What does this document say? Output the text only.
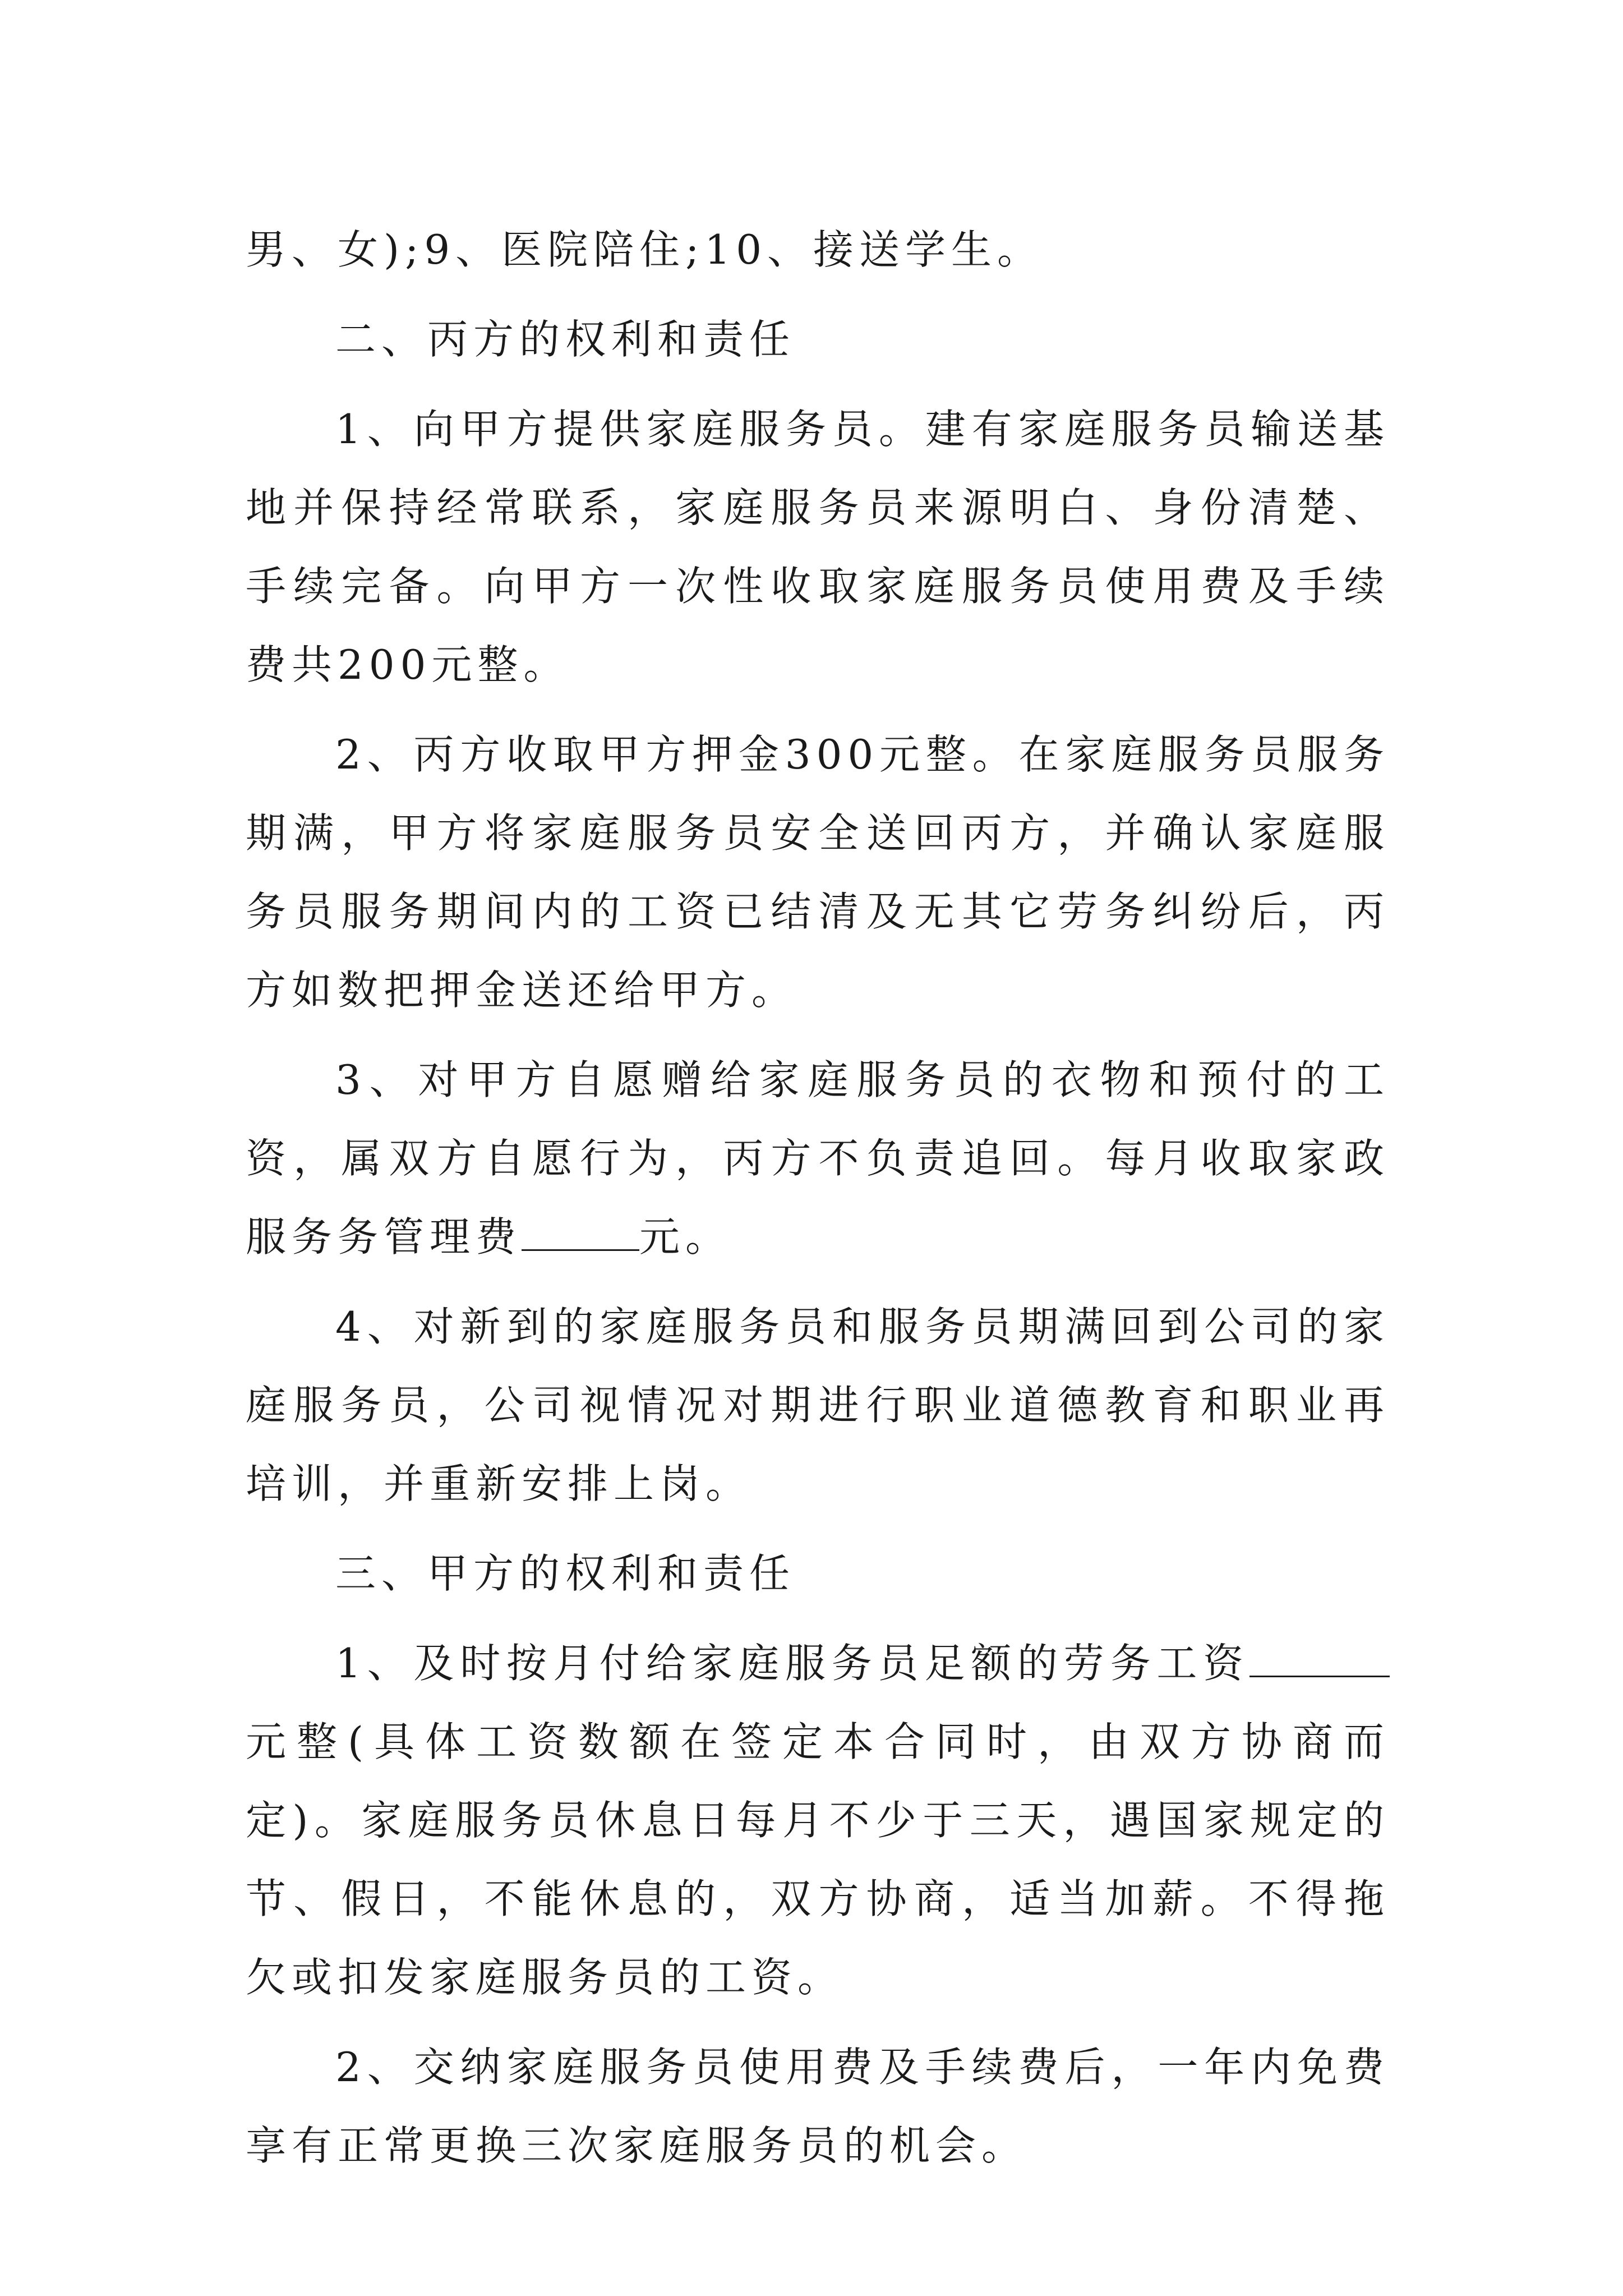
男、女);9、医院陪住;10、接送学生。

二、丙方的权利和责任

1、向甲方提供家庭服务员。建有家庭服务员输送基地并保持经常联系，家庭服务员来源明白、身份清楚、手续完备。向甲方一次性收取家庭服务员使用费及手续费共200元整。

2、丙方收取甲方押金300元整。在家庭服务员服务期满，甲方将家庭服务员安全送回丙方，并确认家庭服务员服务期间内的工资已结清及无其它劳务纠纷后，丙方如数把押金送还给甲方。

3、对甲方自愿赠给家庭服务员的衣物和预付的工资，属双方自愿行为，丙方不负责追回。每月收取家政服务务管理费	元。

4、对新到的家庭服务员和服务员期满回到公司的家庭服务员，公司视情况对期进行职业道德教育和职业再培训，并重新安排上岗。

三、甲方的权利和责任

1、及时按月付给家庭服务员足额的劳务工资元整(具体工资数额在签定本合同时，由双方协商而定)。家庭服务员休息日每月不少于三天，遇国家规定的节、假日，不能休息的，双方协商，适当加薪。不得拖欠或扣发家庭服务员的工资。

2、交纳家庭服务员使用费及手续费后，一年内免费享有正常更换三次家庭服务员的机会。
